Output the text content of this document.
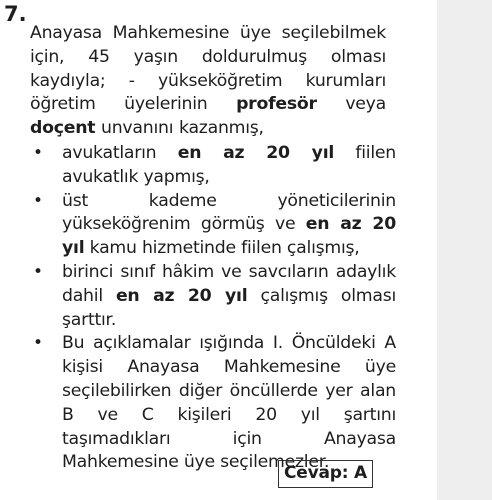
7.

Anayasa Mahkemesine üye seçilebilmek için, 45 yaşın doldurulmuş olması kaydıyla; - yükseköğretim kurumları öğretim üyelerinin profesör veya doçent unvanını kazanmış,

• avukatların en az 20 yıl fiilen avukatlık yapmış,
• üst kademe yöneticilerinin yükseköğrenim görmüş ve en az 20 yıl kamu hizmetinde fiilen çalışmış,
• birinci sınıf hâkim ve savcıların adaylık dahil en az 20 yıl çalışmış olması şarttır.
• Bu açıklamalar ışığında I. Öncüldeki A kişisi Anayasa Mahkemesine üye seçilebilirken diğer öncüllerde yer alan B ve C kişileri 20 yıl şartını taşımadıkları için Anayasa Mahkemesine üye seçilemezler.
Cevap: A
